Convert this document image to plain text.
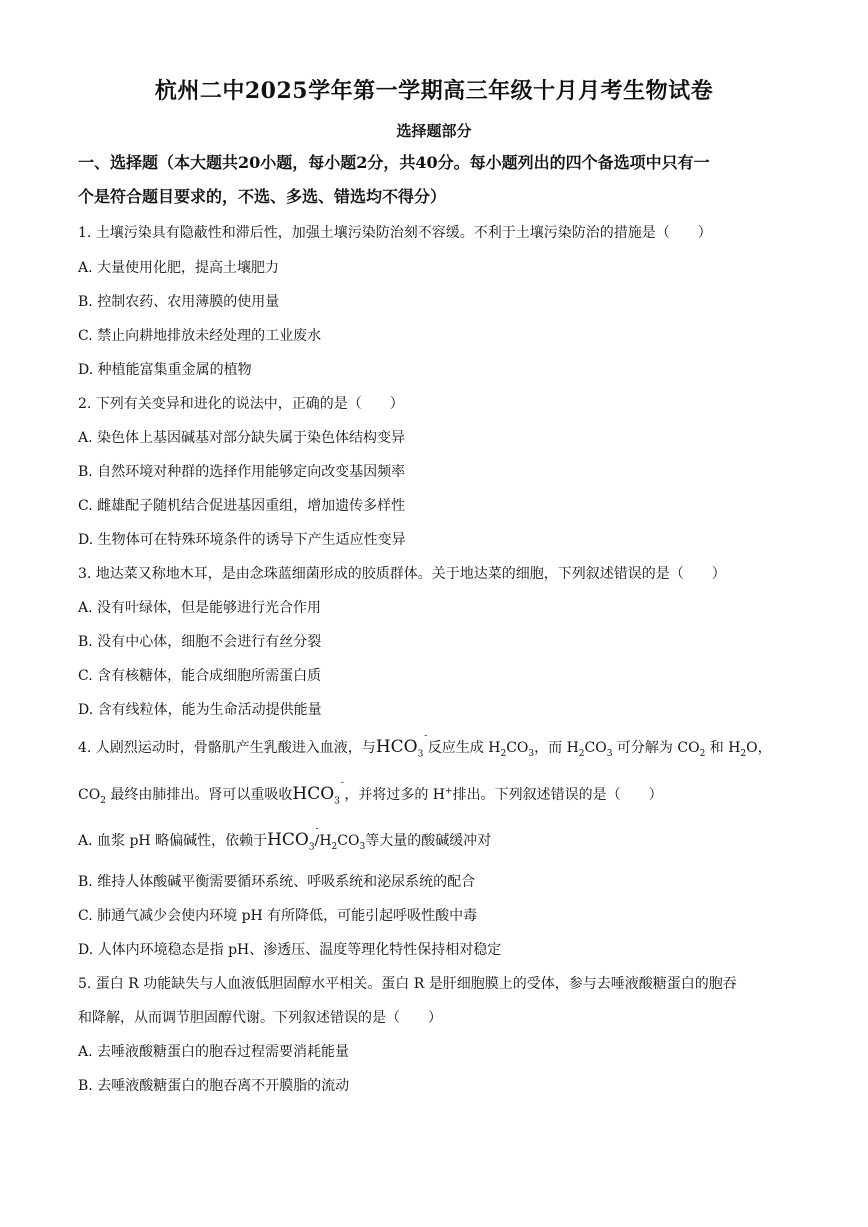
杭州二中2025学年第一学期高三年级十月月考生物试卷
选择题部分
一、选择题（本大题共20小题，每小题2分，共40分。每小题列出的四个备选项中只有一
个是符合题目要求的，不选、多选、错选均不得分）
1. 土壤污染具有隐蔽性和滞后性，加强土壤污染防治刻不容缓。不利于土壤污染防治的措施是（　　）
A. 大量使用化肥，提高土壤肥力
B. 控制农药、农用薄膜的使用量
C. 禁止向耕地排放未经处理的工业废水
D. 种植能富集重金属的植物
2. 下列有关变异和进化的说法中，正确的是（　　）
A. 染色体上基因碱基对部分缺失属于染色体结构变异
B. 自然环境对种群的选择作用能够定向改变基因频率
C. 雌雄配子随机结合促进基因重组，增加遗传多样性
D. 生物体可在特殊环境条件的诱导下产生适应性变异
3. 地达菜又称地木耳，是由念珠蓝细菌形成的胶质群体。关于地达菜的细胞，下列叙述错误的是（　　）
A. 没有叶绿体，但是能够进行光合作用
B. 没有中心体，细胞不会进行有丝分裂
C. 含有核糖体，能合成细胞所需蛋白质
D. 含有线粒体，能为生命活动提供能量
4. 人剧烈运动时，骨骼肌产生乳酸进入血液，与$HCO_3$
-
反应生成 $H_2CO_3$，而 $H_2CO_3$ 可分解为 $CO_2$ 和 $H_2O$，
$CO_2$ 最终由肺排出。肾可以重吸收$HCO_3$
-
，并将过多的 H+排出。下列叙述错误的是（　　）
A. 血浆 pH 略偏碱性，依赖于$HCO_3$
-
$/H_2CO_3$等大量的酸碱缓冲对
B. 维持人体酸碱平衡需要循环系统、呼吸系统和泌尿系统的配合
C. 肺通气减少会使内环境 pH 有所降低，可能引起呼吸性酸中毒
D. 人体内环境稳态是指 pH、渗透压、温度等理化特性保持相对稳定
5. 蛋白 R 功能缺失与人血液低胆固醇水平相关。蛋白 R 是肝细胞膜上的受体，参与去唾液酸糖蛋白的胞吞
和降解，从而调节胆固醇代谢。下列叙述错误的是（　　）
A. 去唾液酸糖蛋白的胞吞过程需要消耗能量
B. 去唾液酸糖蛋白的胞吞离不开膜脂的流动
